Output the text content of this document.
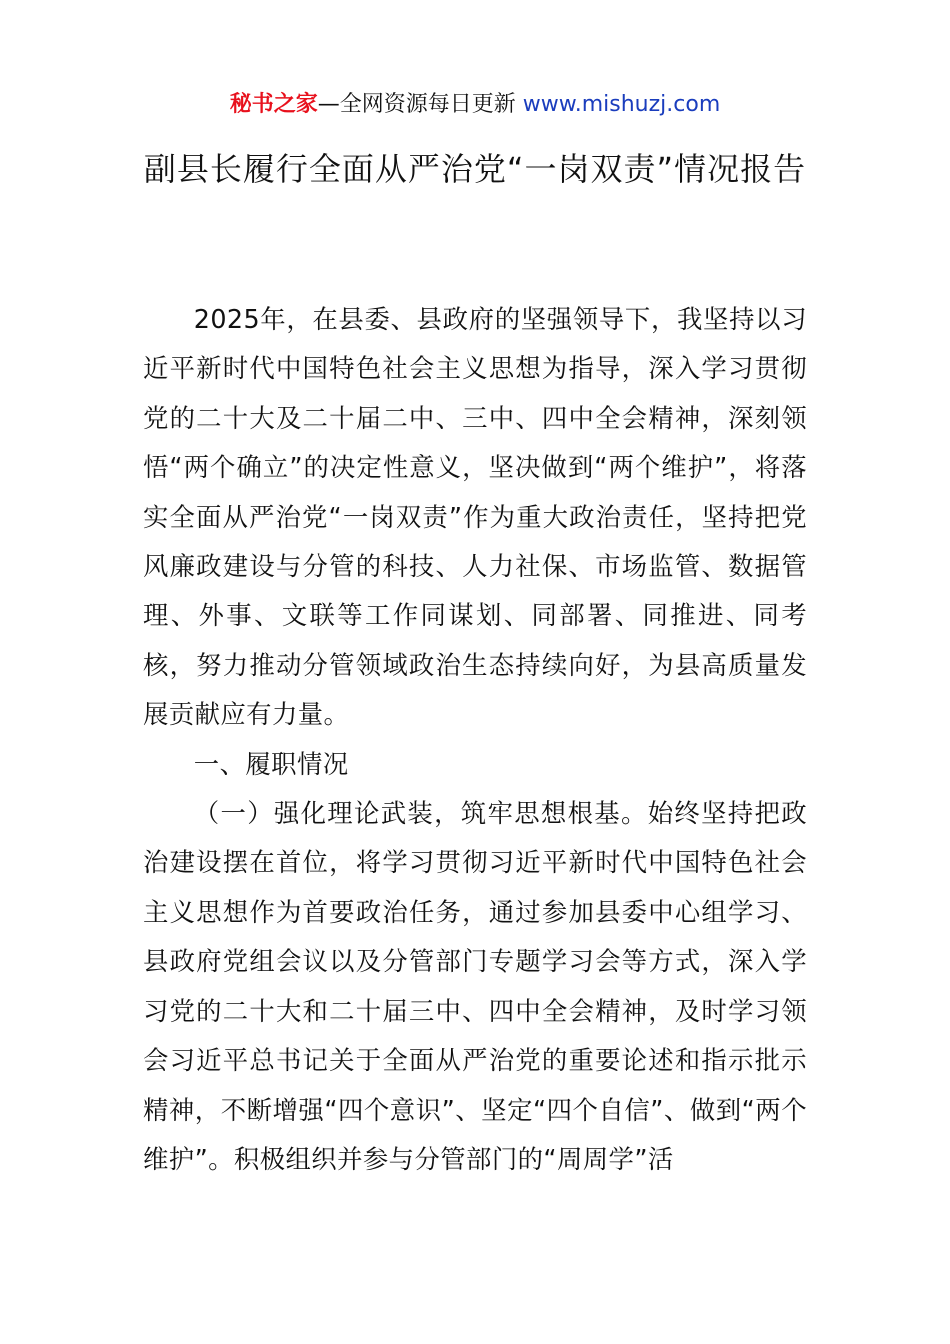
秘书之家—全网资源每日更新 www.mishuzj.com
副县长履行全面从严治党“一岗双责”情况报告

2025年，在县委、县政府的坚强领导下，我坚持以习近平新时代中国特色社会主义思想为指导，深入学习贯彻党的二十大及二十届二中、三中、四中全会精神，深刻领悟“两个确立”的决定性意义，坚决做到“两个维护”，将落实全面从严治党“一岗双责”作为重大政治责任，坚持把党风廉政建设与分管的科技、人力社保、市场监管、数据管理、外事、文联等工作同谋划、同部署、同推进、同考核，努力推动分管领域政治生态持续向好，为县高质量发展贡献应有力量。

一、履职情况

（一）强化理论武装，筑牢思想根基。始终坚持把政治建设摆在首位，将学习贯彻习近平新时代中国特色社会主义思想作为首要政治任务，通过参加县委中心组学习、县政府党组会议以及分管部门专题学习会等方式，深入学习党的二十大和二十届三中、四中全会精神，及时学习领会习近平总书记关于全面从严治党的重要论述和指示批示精神，不断增强“四个意识”、坚定“四个自信”、做到“两个维护”。积极组织并参与分管部门的“周周学”活
